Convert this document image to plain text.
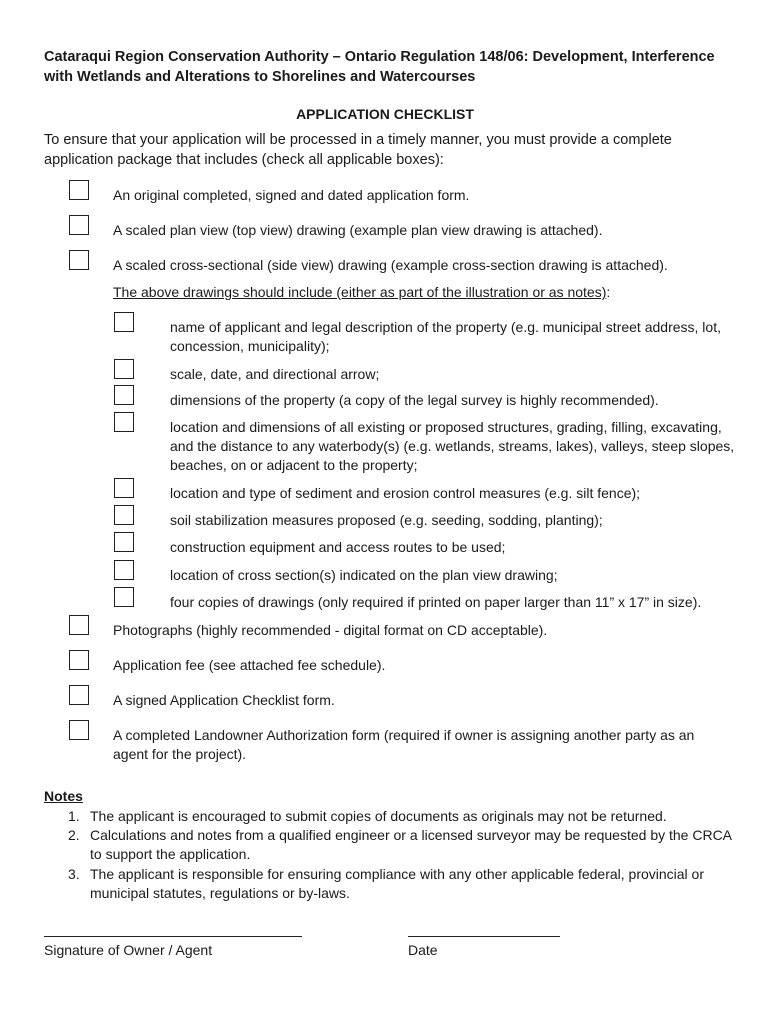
Cataraqui Region Conservation Authority – Ontario Regulation 148/06: Development, Interference with Wetlands and Alterations to Shorelines and Watercourses
APPLICATION CHECKLIST
To ensure that your application will be processed in a timely manner, you must provide a complete application package that includes (check all applicable boxes):
An original completed, signed and dated application form.
A scaled plan view (top view) drawing (example plan view drawing is attached).
A scaled cross-sectional (side view) drawing (example cross-section drawing is attached).
The above drawings should include (either as part of the illustration or as notes):
name of applicant and legal description of the property (e.g. municipal street address, lot, concession, municipality);
scale, date, and directional arrow;
dimensions of the property (a copy of the legal survey is highly recommended).
location and dimensions of all existing or proposed structures, grading, filling, excavating, and the distance to any waterbody(s) (e.g. wetlands, streams, lakes), valleys, steep slopes, beaches, on or adjacent to the property;
location and type of sediment and erosion control measures (e.g. silt fence);
soil stabilization measures proposed (e.g. seeding, sodding, planting);
construction equipment and access routes to be used;
location of cross section(s) indicated on the plan view drawing;
four copies of drawings (only required if printed on paper larger than 11” x 17” in size).
Photographs (highly recommended - digital format on CD acceptable).
Application fee (see attached fee schedule).
A signed Application Checklist form.
A completed Landowner Authorization form (required if owner is assigning another party as an agent for the project).
Notes
1. The applicant is encouraged to submit copies of documents as originals may not be returned.
2. Calculations and notes from a qualified engineer or a licensed surveyor may be requested by the CRCA to support the application.
3. The applicant is responsible for ensuring compliance with any other applicable federal, provincial or municipal statutes, regulations or by-laws.
Signature of Owner / Agent	Date
